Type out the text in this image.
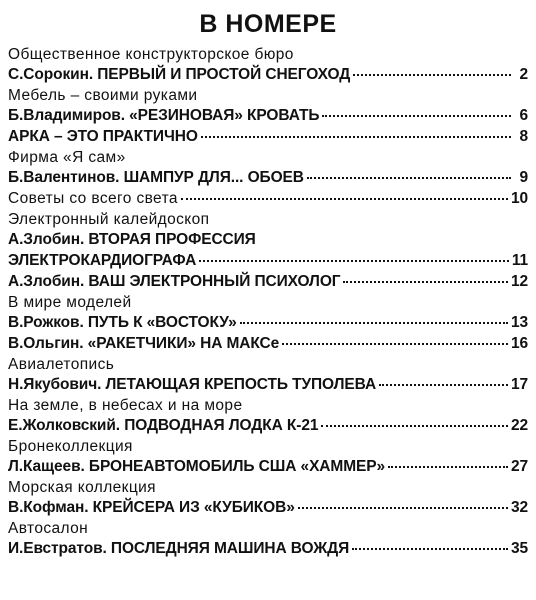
В НОМЕРЕ
Общественное конструкторское бюро
С.Сорокин. ПЕРВЫЙ И ПРОСТОЙ СНЕГОХОД	2
Мебель – своими руками
Б.Владимиров. «РЕЗИНОВАЯ» КРОВАТЬ	6
АРКА – ЭТО ПРАКТИЧНО	8
Фирма «Я сам»
Б.Валентинов. ШАМПУР ДЛЯ... ОБОЕВ	9
Советы со всего света	10
Электронный калейдоскоп
А.Злобин. ВТОРАЯ ПРОФЕССИЯ
ЭЛЕКТРОКАРДИОГРАФА	11
А.Злобин. ВАШ ЭЛЕКТРОННЫЙ ПСИХОЛОГ	12
В мире моделей
В.Рожков. ПУТЬ К «ВОСТОКУ»	13
В.Ольгин. «РАКЕТЧИКИ» НА МАКСе	16
Авиалетопись
Н.Якубович. ЛЕТАЮЩАЯ КРЕПОСТЬ ТУПОЛЕВА	17
На земле, в небесах и на море
Е.Жолковский. ПОДВОДНАЯ ЛОДКА К-21	22
Бронеколлекция
Л.Кащеев. БРОНЕАВТОМОБИЛЬ США «ХАММЕР»	27
Морская коллекция
В.Кофман. КРЕЙСЕРА ИЗ «КУБИКОВ»	32
Автосалон
И.Евстратов. ПОСЛЕДНЯЯ МАШИНА ВОЖДЯ	35
